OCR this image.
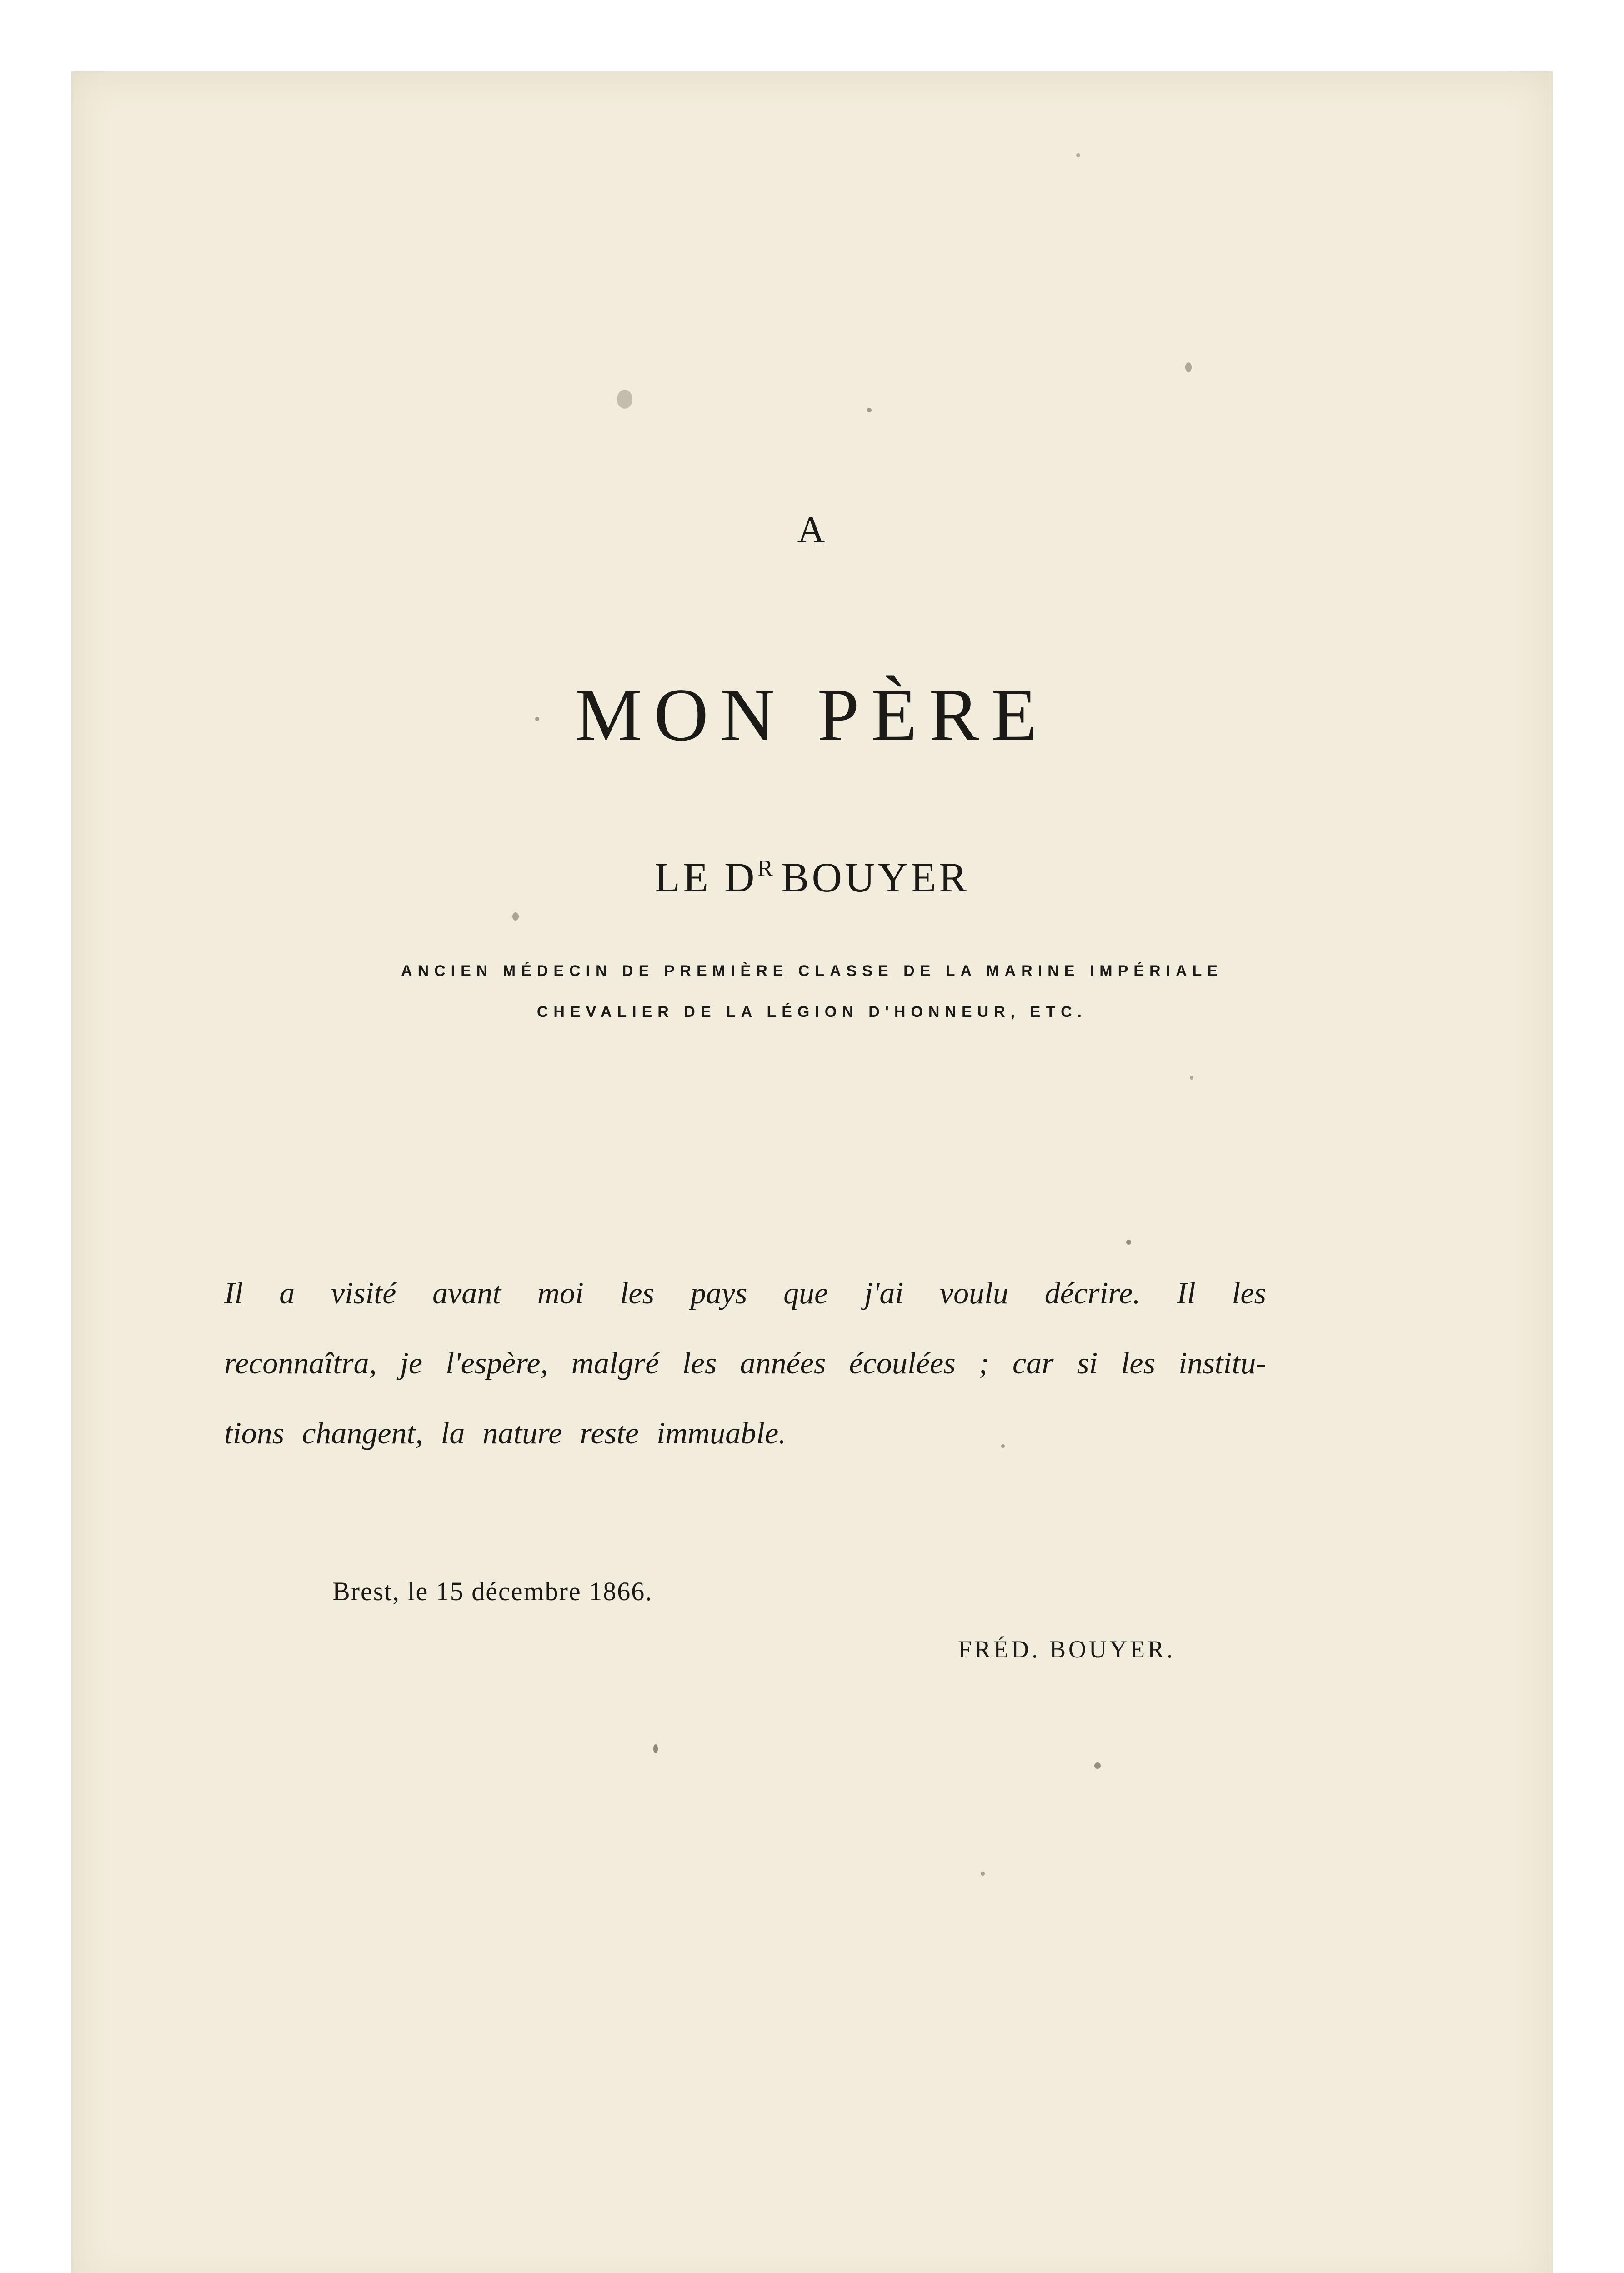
A
MON PÈRE
LE $D^R$ BOUYER
ANCIEN MÉDECIN DE PREMIÈRE CLASSE DE LA MARINE IMPÉRIALE
CHEVALIER DE LA LÉGION D'HONNEUR, ETC.

Il a visité avant moi les pays que j'ai voulu décrire. Il les
reconnaîtra, je l'espère, malgré les années écoulées ; car si les institu-
tions changent, la nature reste immuable.

Brest, le 15 décembre 1866.
FRÉD. BOUYER.
